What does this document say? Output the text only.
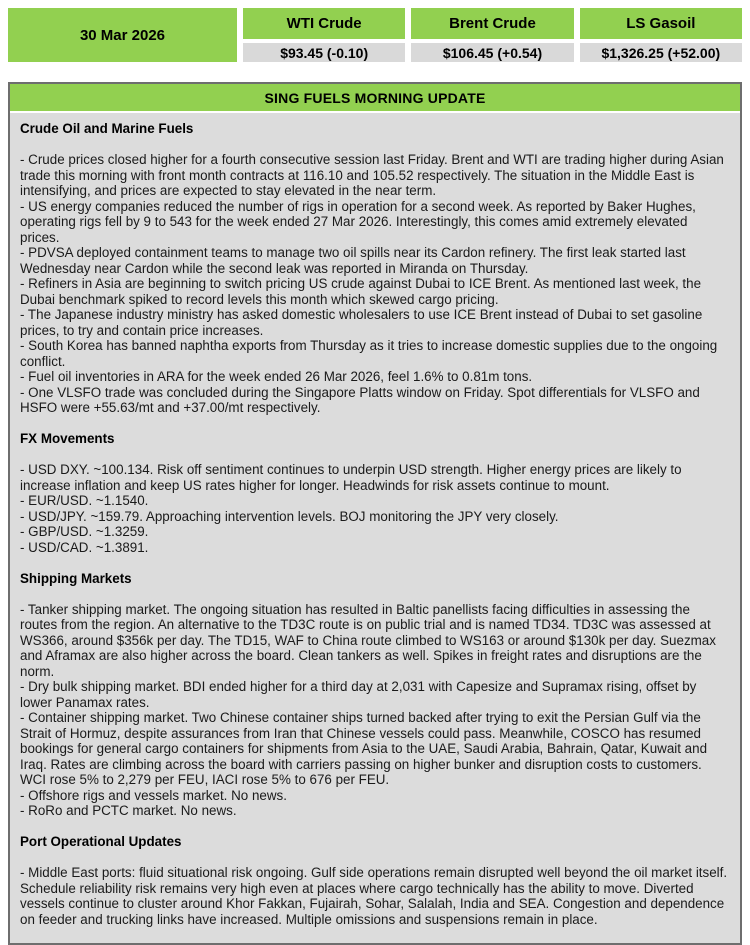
30 Mar 2026
WTI Crude
$93.45 (-0.10)
Brent Crude
$106.45 (+0.54)
LS Gasoil
$1,326.25 (+52.00)
SING FUELS MORNING UPDATE
Crude Oil and Marine Fuels

- Crude prices closed higher for a fourth consecutive session last Friday. Brent and WTI are trading higher during Asian trade this morning with front month contracts at 116.10 and 105.52 respectively. The situation in the Middle East is intensifying, and prices are expected to stay elevated in the near term.

- US energy companies reduced the number of rigs in operation for a second week. As reported by Baker Hughes, operating rigs fell by 9 to 543 for the week ended 27 Mar 2026. Interestingly, this comes amid extremely elevated prices.

- PDVSA deployed containment teams to manage two oil spills near its Cardon refinery. The first leak started last Wednesday near Cardon while the second leak was reported in Miranda on Thursday.

- Refiners in Asia are beginning to switch pricing US crude against Dubai to ICE Brent. As mentioned last week, the Dubai benchmark spiked to record levels this month which skewed cargo pricing.

- The Japanese industry ministry has asked domestic wholesalers to use ICE Brent instead of Dubai to set gasoline prices, to try and contain price increases.

- South Korea has banned naphtha exports from Thursday as it tries to increase domestic supplies due to the ongoing conflict.

- Fuel oil inventories in ARA for the week ended 26 Mar 2026, feel 1.6% to 0.81m tons.

- One VLSFO trade was concluded during the Singapore Platts window on Friday. Spot differentials for VLSFO and HSFO were +55.63/mt and +37.00/mt respectively.

FX Movements

- USD DXY. ~100.134. Risk off sentiment continues to underpin USD strength. Higher energy prices are likely to increase inflation and keep US rates higher for longer. Headwinds for risk assets continue to mount.

- EUR/USD. ~1.1540.

- USD/JPY. ~159.79. Approaching intervention levels. BOJ monitoring the JPY very closely.

- GBP/USD. ~1.3259.

- USD/CAD. ~1.3891.

Shipping Markets

- Tanker shipping market. The ongoing situation has resulted in Baltic panellists facing difficulties in assessing the routes from the region. An alternative to the TD3C route is on public trial and is named TD34. TD3C was assessed at WS366, around $356k per day. The TD15, WAF to China route climbed to WS163 or around $130k per day. Suezmax and Aframax are also higher across the board. Clean tankers as well. Spikes in freight rates and disruptions are the norm.

- Dry bulk shipping market. BDI ended higher for a third day at 2,031 with Capesize and Supramax rising, offset by lower Panamax rates.

- Container shipping market. Two Chinese container ships turned backed after trying to exit the Persian Gulf via the Strait of Hormuz, despite assurances from Iran that Chinese vessels could pass. Meanwhile, COSCO has resumed bookings for general cargo containers for shipments from Asia to the UAE, Saudi Arabia, Bahrain, Qatar, Kuwait and Iraq. Rates are climbing across the board with carriers passing on higher bunker and disruption costs to customers. WCI rose 5% to 2,279 per FEU, IACI rose 5% to 676 per FEU.

- Offshore rigs and vessels market. No news.

- RoRo and PCTC market. No news.

Port Operational Updates

- Middle East ports: fluid situational risk ongoing. Gulf side operations remain disrupted well beyond the oil market itself. Schedule reliability risk remains very high even at places where cargo technically has the ability to move. Diverted vessels continue to cluster around Khor Fakkan, Fujairah, Sohar, Salalah, India and SEA. Congestion and dependence on feeder and trucking links have increased. Multiple omissions and suspensions remain in place.
